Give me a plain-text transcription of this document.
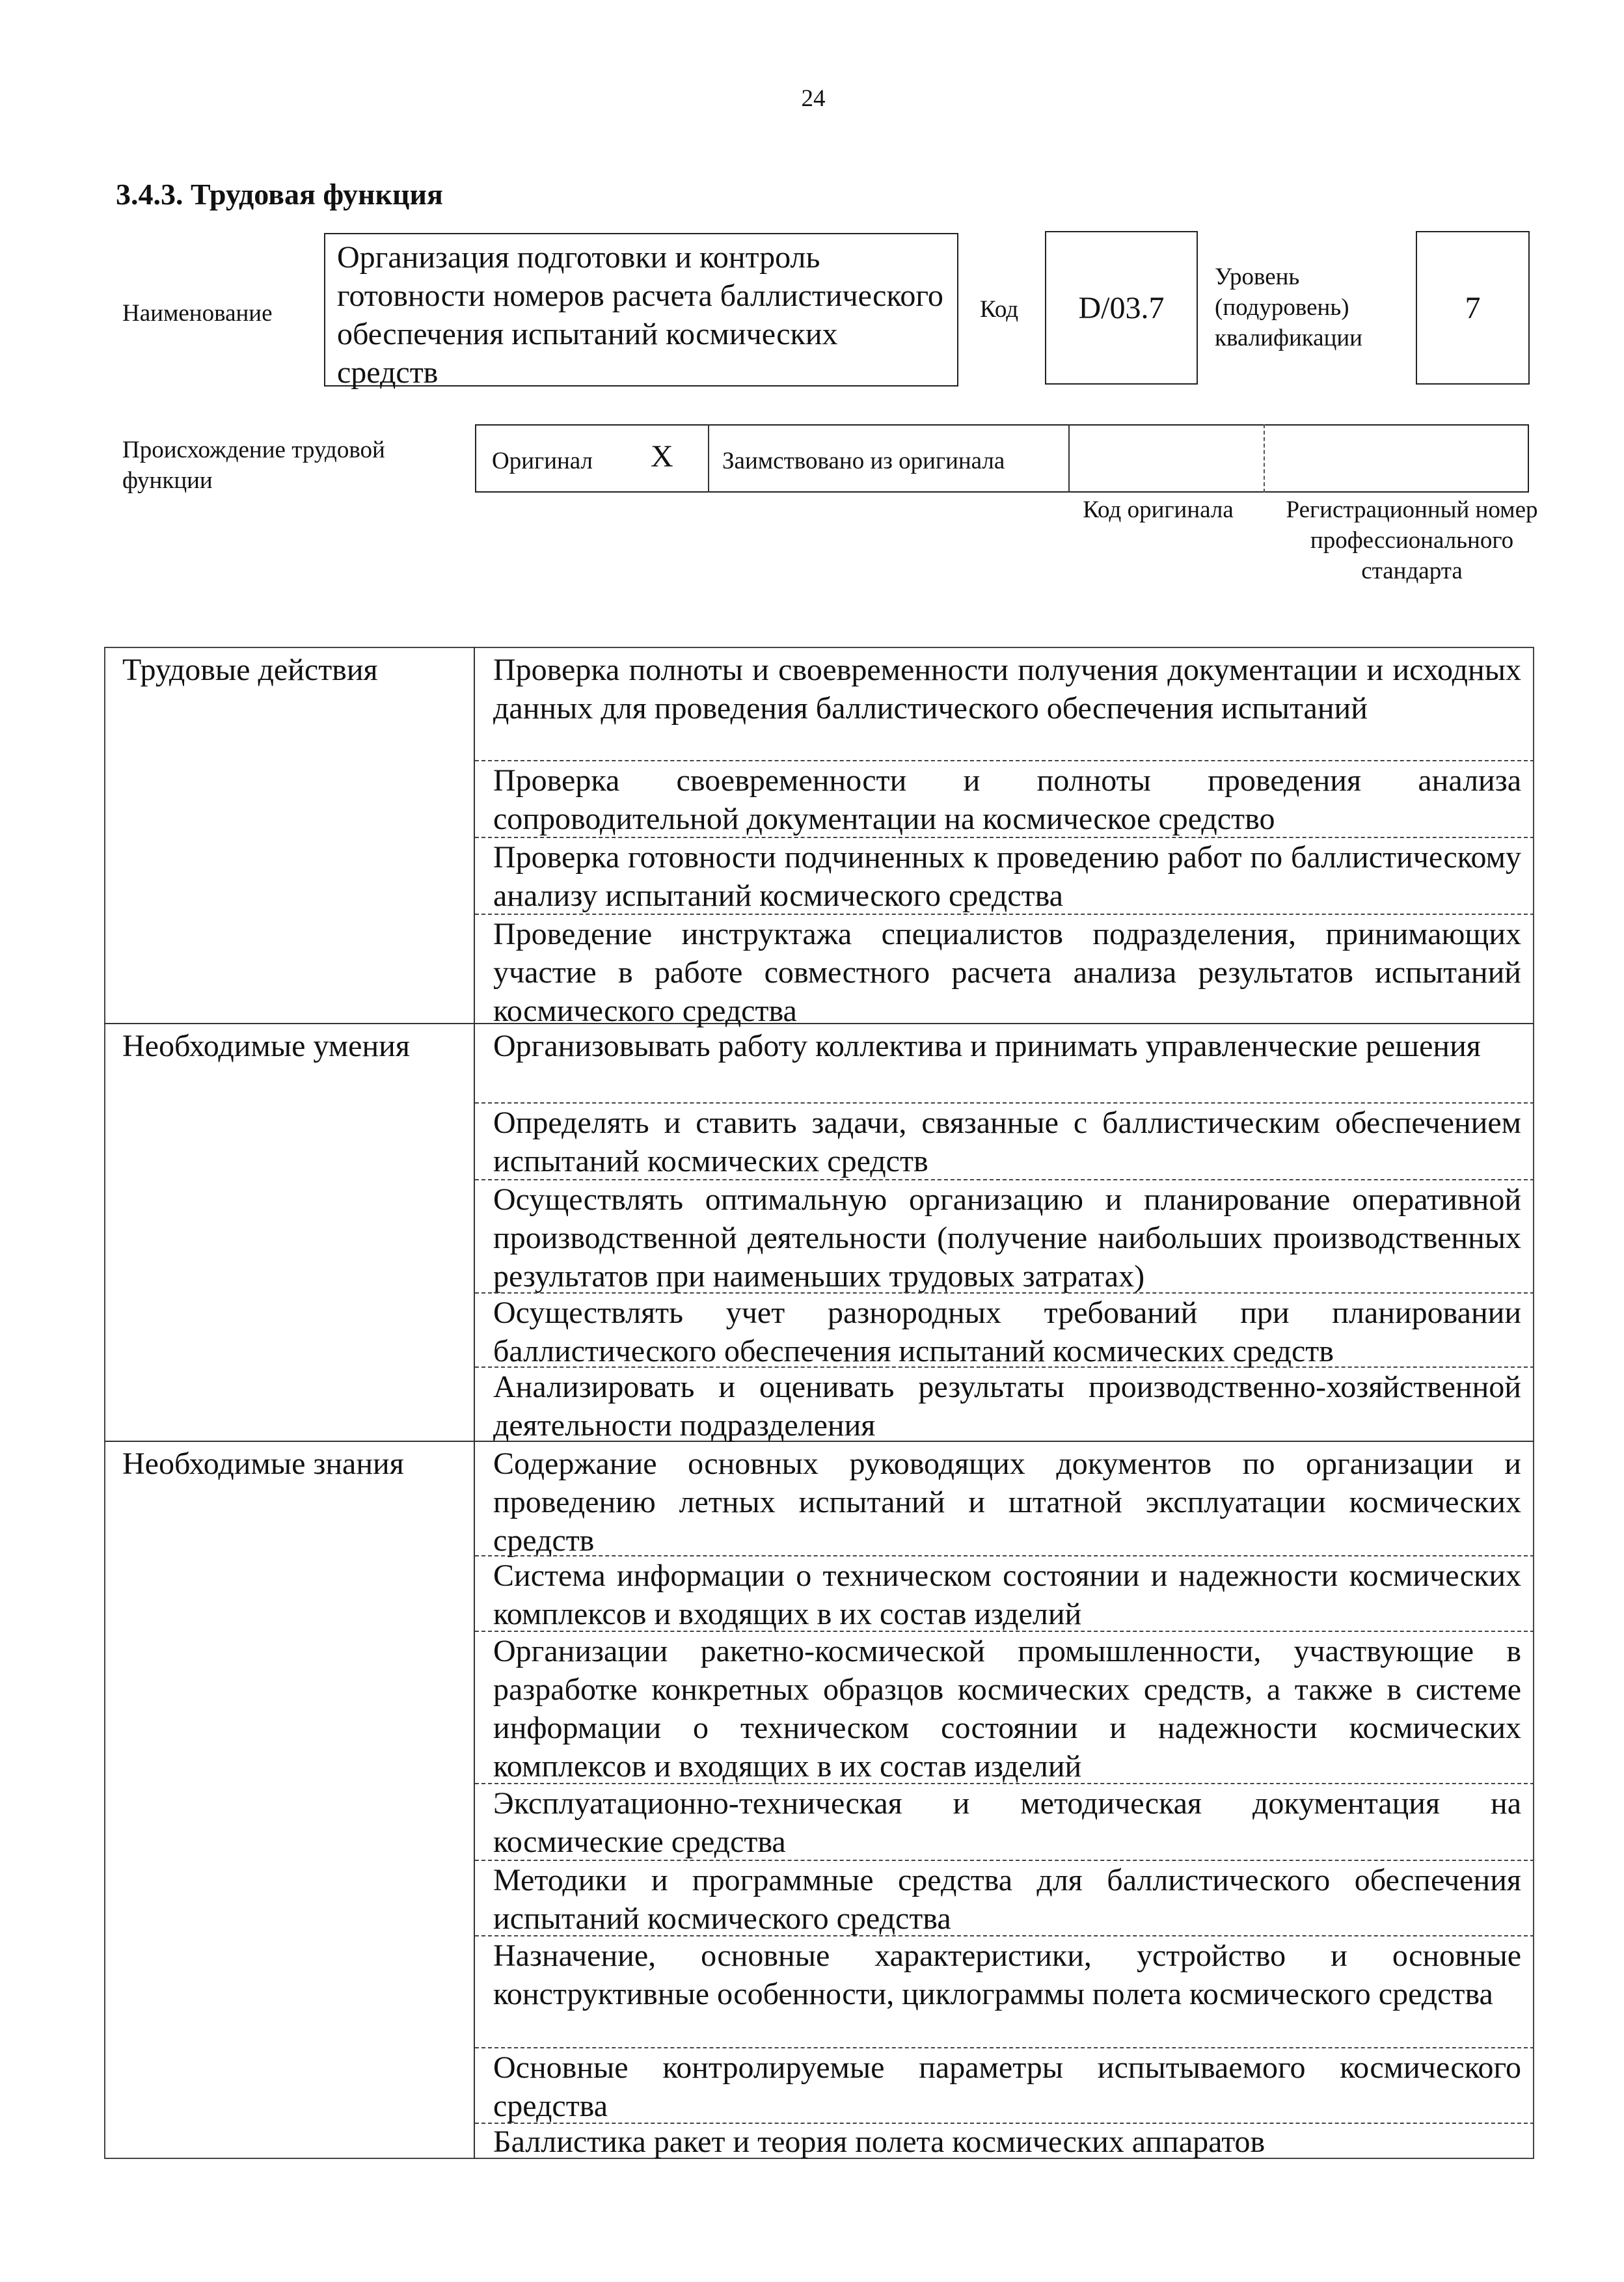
24
3.4.3. Трудовая функция
Наименование
Организация подготовки и контроль готовности номеров расчета баллистического обеспечения испытаний космических средств
Код D/03.7
Уровень (подуровень) квалификации
7
Происхождение трудовой функции
Оригинал X Заимствовано из оригинала
Код оригинала	Регистрационный номер профессионального стандарта
Трудовые действия
Необходимые умения
Необходимые знания
Проверка полноты и своевременности получения документации и исходных данных для проведения баллистического обеспечения испытаний
Проверка своевременности и полноты проведения анализа сопроводительной документации на космическое средство
Проверка готовности подчиненных к проведению работ по баллистическому анализу испытаний космического средства
Проведение инструктажа специалистов подразделения, принимающих участие в работе совместного расчета анализа результатов испытаний космического средства
Организовывать работу коллектива и принимать управленческие решения
Определять и ставить задачи, связанные с баллистическим обеспечением испытаний космических средств
Осуществлять оптимальную организацию и планирование оперативной производственной деятельности (получение наибольших производственных результатов при наименьших трудовых затратах)
Осуществлять учет разнородных требований при планировании баллистического обеспечения испытаний космических средств
Анализировать и оценивать результаты производственно-хозяйственной деятельности подразделения
Содержание основных руководящих документов по организации и проведению летных испытаний и штатной эксплуатации космических средств
Система информации о техническом состоянии и надежности космических комплексов и входящих в их состав изделий
Организации ракетно-космической промышленности, участвующие в разработке конкретных образцов космических средств, а также в системе информации о техническом состоянии и надежности космических комплексов и входящих в их состав изделий
Эксплуатационно-техническая и методическая документация на космические средства
Методики и программные средства для баллистического обеспечения испытаний космического средства
Назначение, основные характеристики, устройство и основные конструктивные особенности, циклограммы полета космического средства
Основные контролируемые параметры испытываемого космического средства
Баллистика ракет и теория полета космических аппаратов
